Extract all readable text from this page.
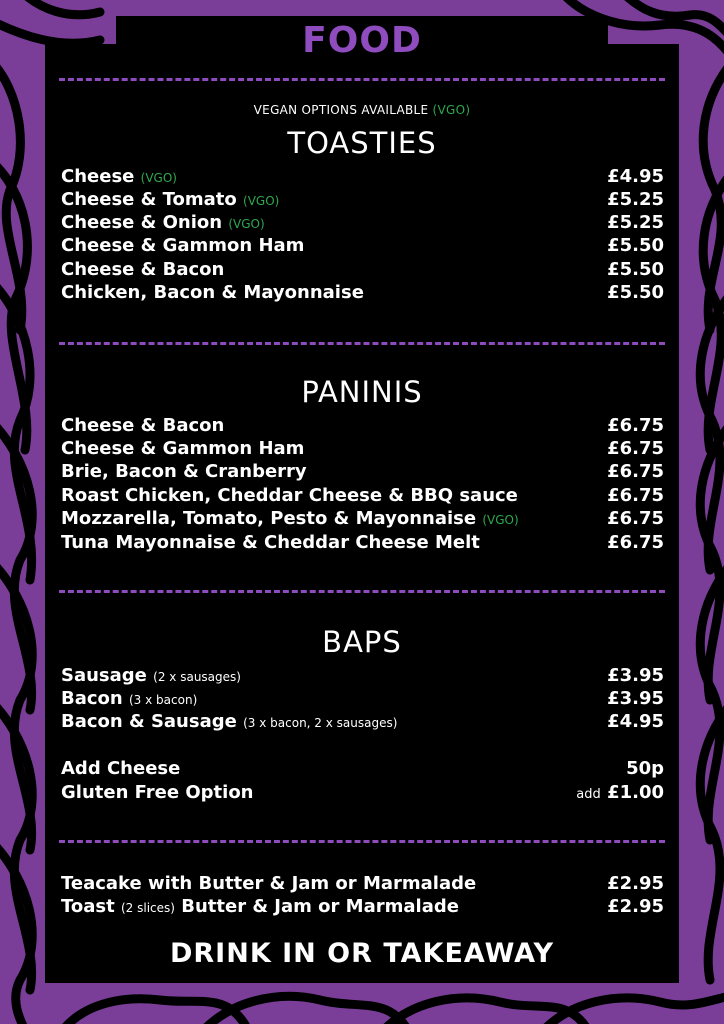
FOOD
VEGAN OPTIONS AVAILABLE (VGO)
TOASTIES
Cheese (VGO)	£4.95
Cheese & Tomato (VGO)	£5.25
Cheese & Onion (VGO)	£5.25
Cheese & Gammon Ham	£5.50
Cheese & Bacon	£5.50
Chicken, Bacon & Mayonnaise	£5.50
PANINIS
Cheese & Bacon	£6.75
Cheese & Gammon Ham	£6.75
Brie, Bacon & Cranberry	£6.75
Roast Chicken, Cheddar Cheese & BBQ sauce	£6.75
Mozzarella, Tomato, Pesto & Mayonnaise (VGO)	£6.75
Tuna Mayonnaise & Cheddar Cheese Melt	£6.75
BAPS
Sausage (2 x sausages)	£3.95
Bacon (3 x bacon)	£3.95
Bacon & Sausage (3 x bacon, 2 x sausages)	£4.95
Add Cheese	50p
Gluten Free Option	add £1.00
Teacake with Butter & Jam or Marmalade	£2.95
Toast (2 slices) Butter & Jam or Marmalade	£2.95
DRINK IN OR TAKEAWAY
